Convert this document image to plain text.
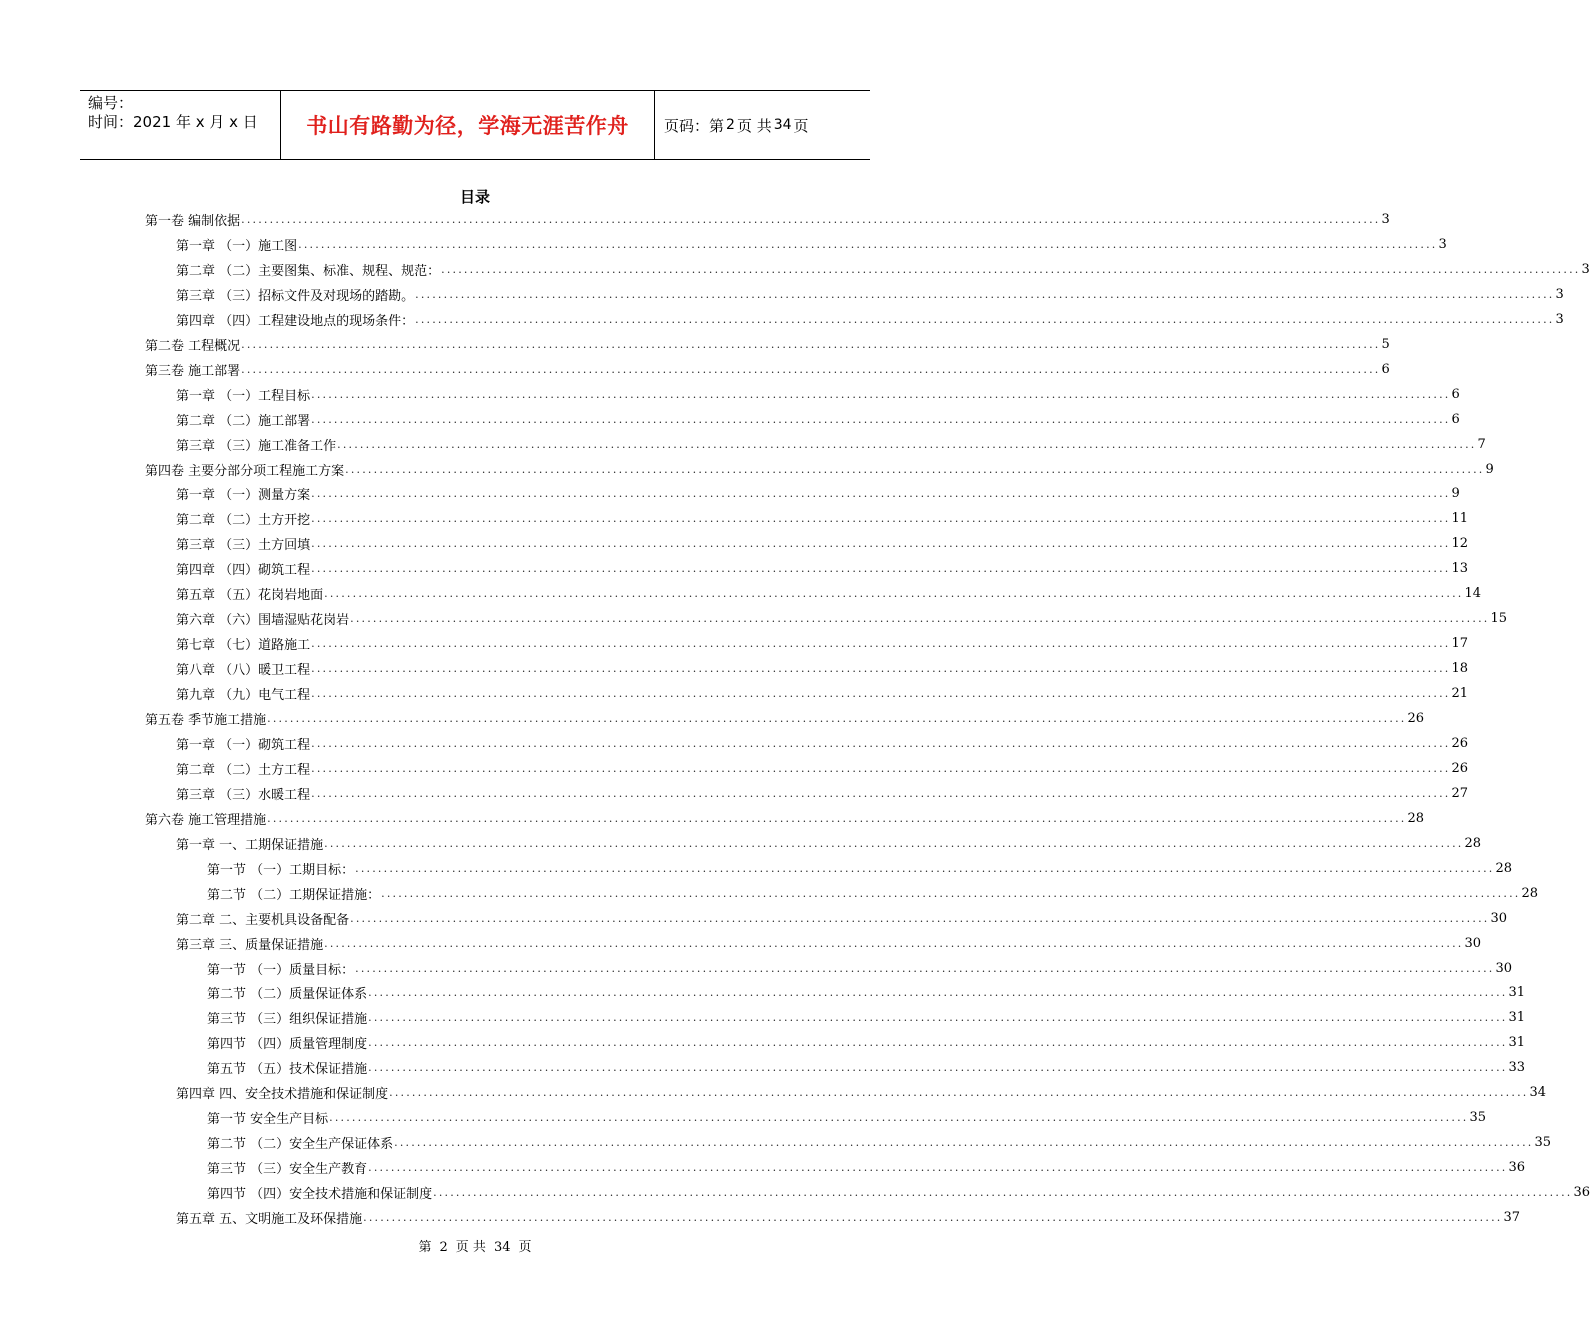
编号：
时间：2021 年 x 月 x 日	书山有路勤为径，学海无涯苦作舟	页码：第 2 页 共 34 页
目录
第一卷 编制依据 ........................................................................................................................................................................................................ 3
第一章 （一）施工图 ........................................................................................................................................................................................................ 3
第二章 （二）主要图集、标准、规程、规范： ........................................................................................................................................................................................................ 3
第三章 （三）招标文件及对现场的踏勘。 ........................................................................................................................................................................................................ 3
第四章 （四）工程建设地点的现场条件： ........................................................................................................................................................................................................ 3
第二卷 工程概况 ........................................................................................................................................................................................................ 5
第三卷 施工部署 ........................................................................................................................................................................................................ 6
第一章 （一）工程目标 ........................................................................................................................................................................................................ 6
第二章 （二）施工部署 ........................................................................................................................................................................................................ 6
第三章 （三）施工准备工作 ........................................................................................................................................................................................................ 7
第四卷 主要分部分项工程施工方案 ........................................................................................................................................................................................................ 9
第一章 （一）测量方案 ........................................................................................................................................................................................................ 9
第二章 （二）土方开挖 ........................................................................................................................................................................................................ 11
第三章 （三）土方回填 ........................................................................................................................................................................................................ 12
第四章 （四）砌筑工程 ........................................................................................................................................................................................................ 13
第五章 （五）花岗岩地面 ........................................................................................................................................................................................................ 14
第六章 （六）围墙湿贴花岗岩 ........................................................................................................................................................................................................ 15
第七章 （七）道路施工 ........................................................................................................................................................................................................ 17
第八章 （八）暖卫工程 ........................................................................................................................................................................................................ 18
第九章 （九）电气工程 ........................................................................................................................................................................................................ 21
第五卷 季节施工措施 ........................................................................................................................................................................................................ 26
第一章 （一）砌筑工程 ........................................................................................................................................................................................................ 26
第二章 （二）土方工程 ........................................................................................................................................................................................................ 26
第三章 （三）水暖工程 ........................................................................................................................................................................................................ 27
第六卷 施工管理措施 ........................................................................................................................................................................................................ 28
第一章 一、工期保证措施 ........................................................................................................................................................................................................ 28
第一节 （一）工期目标： ........................................................................................................................................................................................................ 28
第二节 （二）工期保证措施： ........................................................................................................................................................................................................ 28
第二章 二、主要机具设备配备 ........................................................................................................................................................................................................ 30
第三章 三、质量保证措施 ........................................................................................................................................................................................................ 30
第一节 （一）质量目标： ........................................................................................................................................................................................................ 30
第二节 （二）质量保证体系 ........................................................................................................................................................................................................ 31
第三节 （三）组织保证措施 ........................................................................................................................................................................................................ 31
第四节 （四）质量管理制度 ........................................................................................................................................................................................................ 31
第五节 （五）技术保证措施 ........................................................................................................................................................................................................ 33
第四章 四、安全技术措施和保证制度 ........................................................................................................................................................................................................ 34
第一节 安全生产目标 ........................................................................................................................................................................................................ 35
第二节 （二）安全生产保证体系 ........................................................................................................................................................................................................ 35
第三节 （三）安全生产教育 ........................................................................................................................................................................................................ 36
第四节 （四）安全技术措施和保证制度 ........................................................................................................................................................................................................ 36
第五章 五、文明施工及环保措施 ........................................................................................................................................................................................................ 37
第 2 页 共 34 页
